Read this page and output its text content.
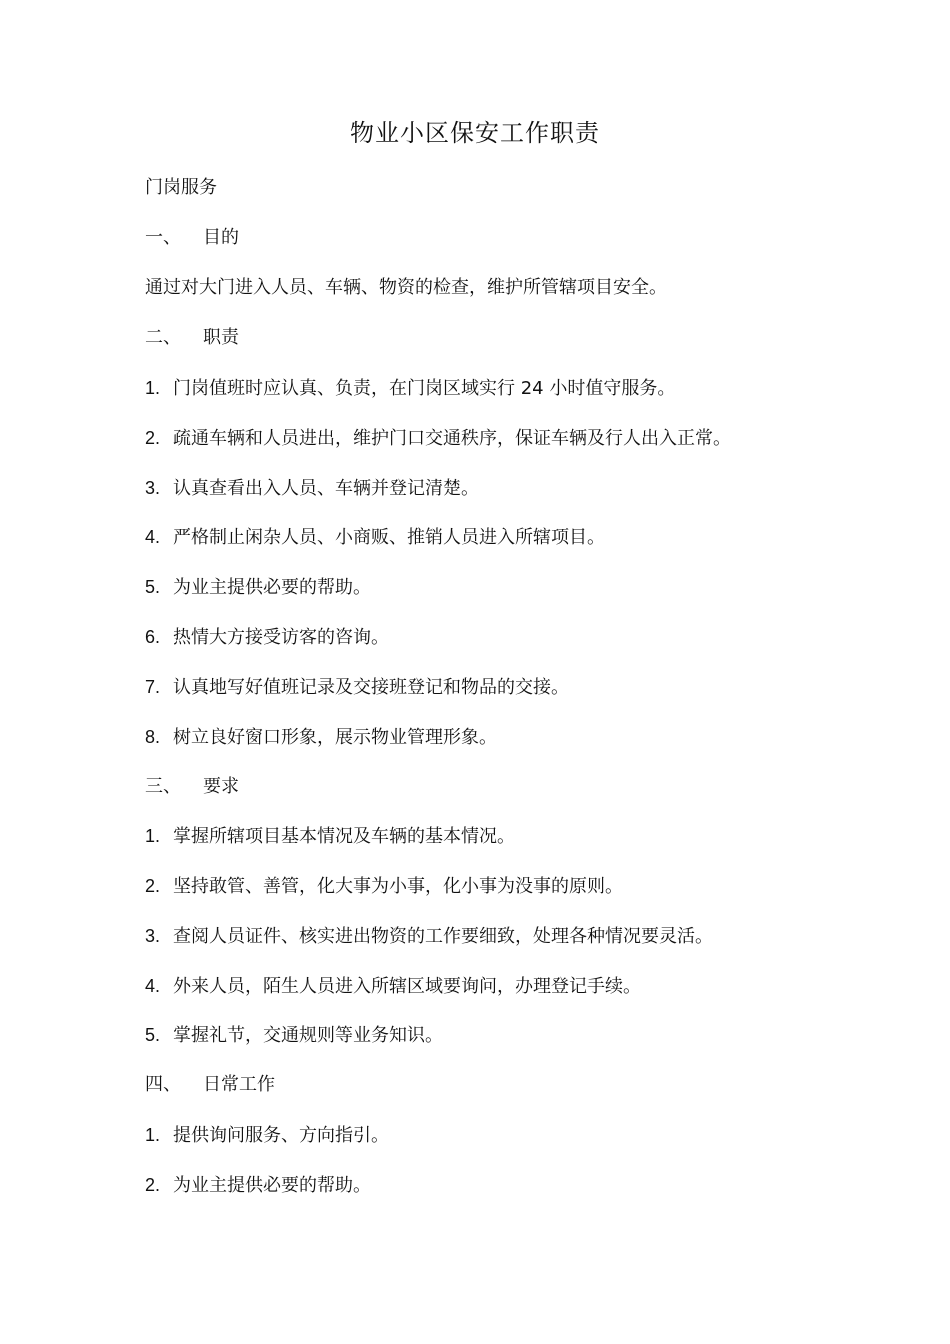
物业小区保安工作职责
门岗服务
一、 目的
通过对大门进入人员、车辆、物资的检查，维护所管辖项目安全。
二、 职责
1. 门岗值班时应认真、负责，在门岗区域实行 24 小时值守服务。
2. 疏通车辆和人员进出，维护门口交通秩序，保证车辆及行人出入正常。
3. 认真查看出入人员、车辆并登记清楚。
4. 严格制止闲杂人员、小商贩、推销人员进入所辖项目。
5. 为业主提供必要的帮助。
6. 热情大方接受访客的咨询。
7. 认真地写好值班记录及交接班登记和物品的交接。
8. 树立良好窗口形象，展示物业管理形象。
三、 要求
1. 掌握所辖项目基本情况及车辆的基本情况。
2. 坚持敢管、善管，化大事为小事，化小事为没事的原则。
3. 查阅人员证件、核实进出物资的工作要细致，处理各种情况要灵活。
4. 外来人员，陌生人员进入所辖区域要询问，办理登记手续。
5. 掌握礼节，交通规则等业务知识。
四、 日常工作
1. 提供询问服务、方向指引。
2. 为业主提供必要的帮助。
